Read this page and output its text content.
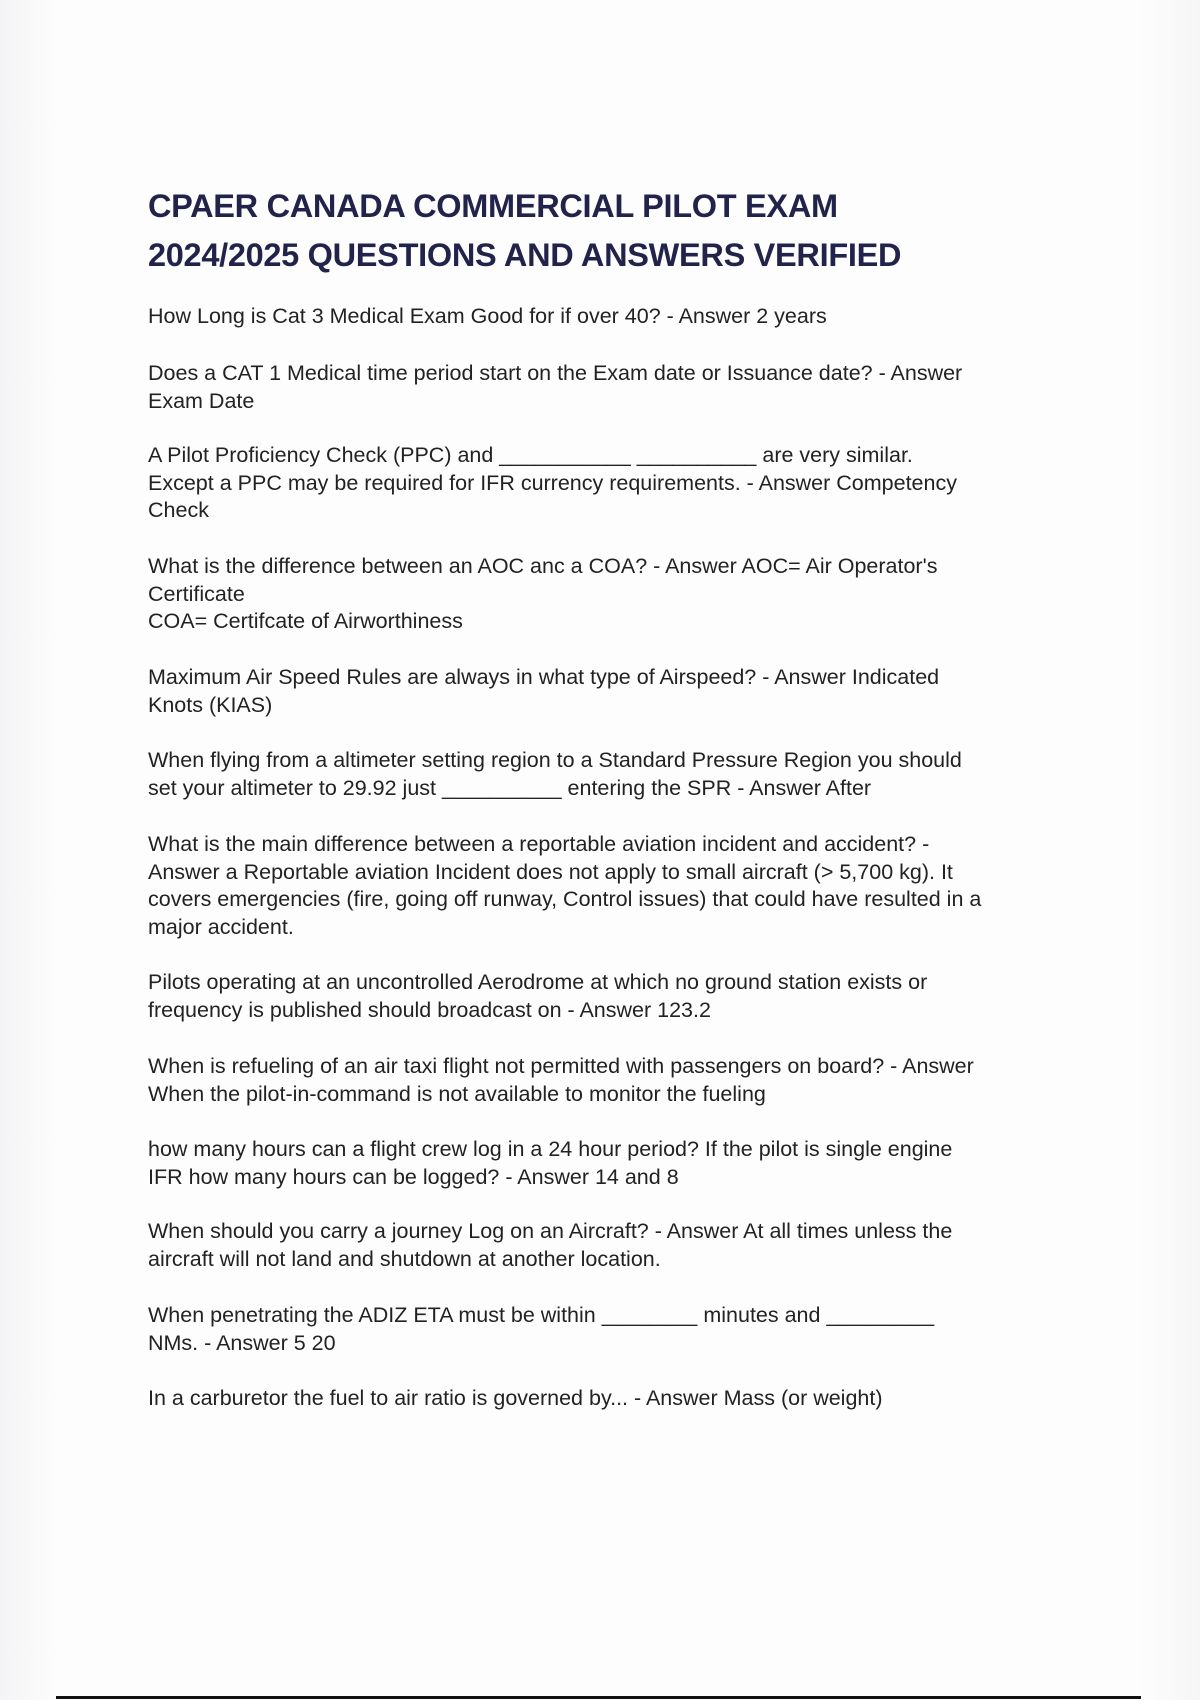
CPAER CANADA COMMERCIAL PILOT EXAM
2024/2025 QUESTIONS AND ANSWERS VERIFIED

How Long is Cat 3 Medical Exam Good for if over 40? - Answer 2 years

Does a CAT 1 Medical time period start on the Exam date or Issuance date? - Answer
Exam Date

A Pilot Proficiency Check (PPC) and ___________ __________ are very similar.
Except a PPC may be required for IFR currency requirements. - Answer Competency
Check

What is the difference between an AOC anc a COA? - Answer AOC= Air Operator's
Certificate
COA= Certifcate of Airworthiness

Maximum Air Speed Rules are always in what type of Airspeed? - Answer Indicated
Knots (KIAS)

When flying from a altimeter setting region to a Standard Pressure Region you should
set your altimeter to 29.92 just __________ entering the SPR - Answer After

What is the main difference between a reportable aviation incident and accident? -
Answer a Reportable aviation Incident does not apply to small aircraft (> 5,700 kg). It
covers emergencies (fire, going off runway, Control issues) that could have resulted in a
major accident.

Pilots operating at an uncontrolled Aerodrome at which no ground station exists or
frequency is published should broadcast on - Answer 123.2

When is refueling of an air taxi flight not permitted with passengers on board? - Answer
When the pilot-in-command is not available to monitor the fueling

how many hours can a flight crew log in a 24 hour period? If the pilot is single engine
IFR how many hours can be logged? - Answer 14 and 8

When should you carry a journey Log on an Aircraft? - Answer At all times unless the
aircraft will not land and shutdown at another location.

When penetrating the ADIZ ETA must be within ________ minutes and _________
NMs. - Answer 5 20

In a carburetor the fuel to air ratio is governed by... - Answer Mass (or weight)
